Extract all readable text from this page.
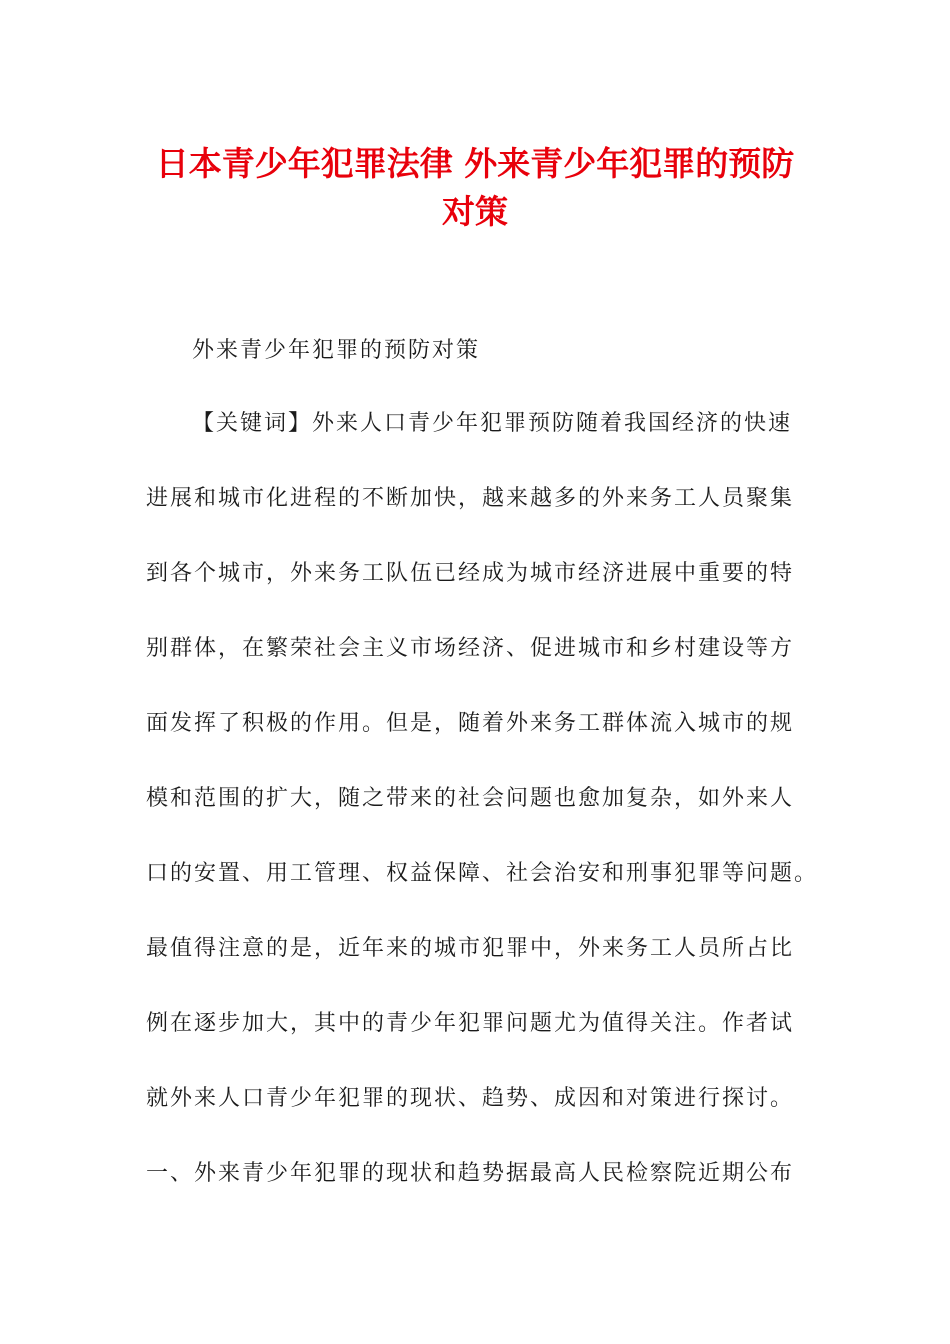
日本青少年犯罪法律 外来青少年犯罪的预防
对策
外来青少年犯罪的预防对策
【关键词】外来人口青少年犯罪预防随着我国经济的快速
进展和城市化进程的不断加快，越来越多的外来务工人员聚集
到各个城市，外来务工队伍已经成为城市经济进展中重要的特
别群体，在繁荣社会主义市场经济、促进城市和乡村建设等方
面发挥了积极的作用。但是，随着外来务工群体流入城市的规
模和范围的扩大，随之带来的社会问题也愈加复杂，如外来人
口的安置、用工管理、权益保障、社会治安和刑事犯罪等问题。
最值得注意的是，近年来的城市犯罪中，外来务工人员所占比
例在逐步加大，其中的青少年犯罪问题尤为值得关注。作者试
就外来人口青少年犯罪的现状、趋势、成因和对策进行探讨。
一、外来青少年犯罪的现状和趋势据最高人民检察院近期公布
